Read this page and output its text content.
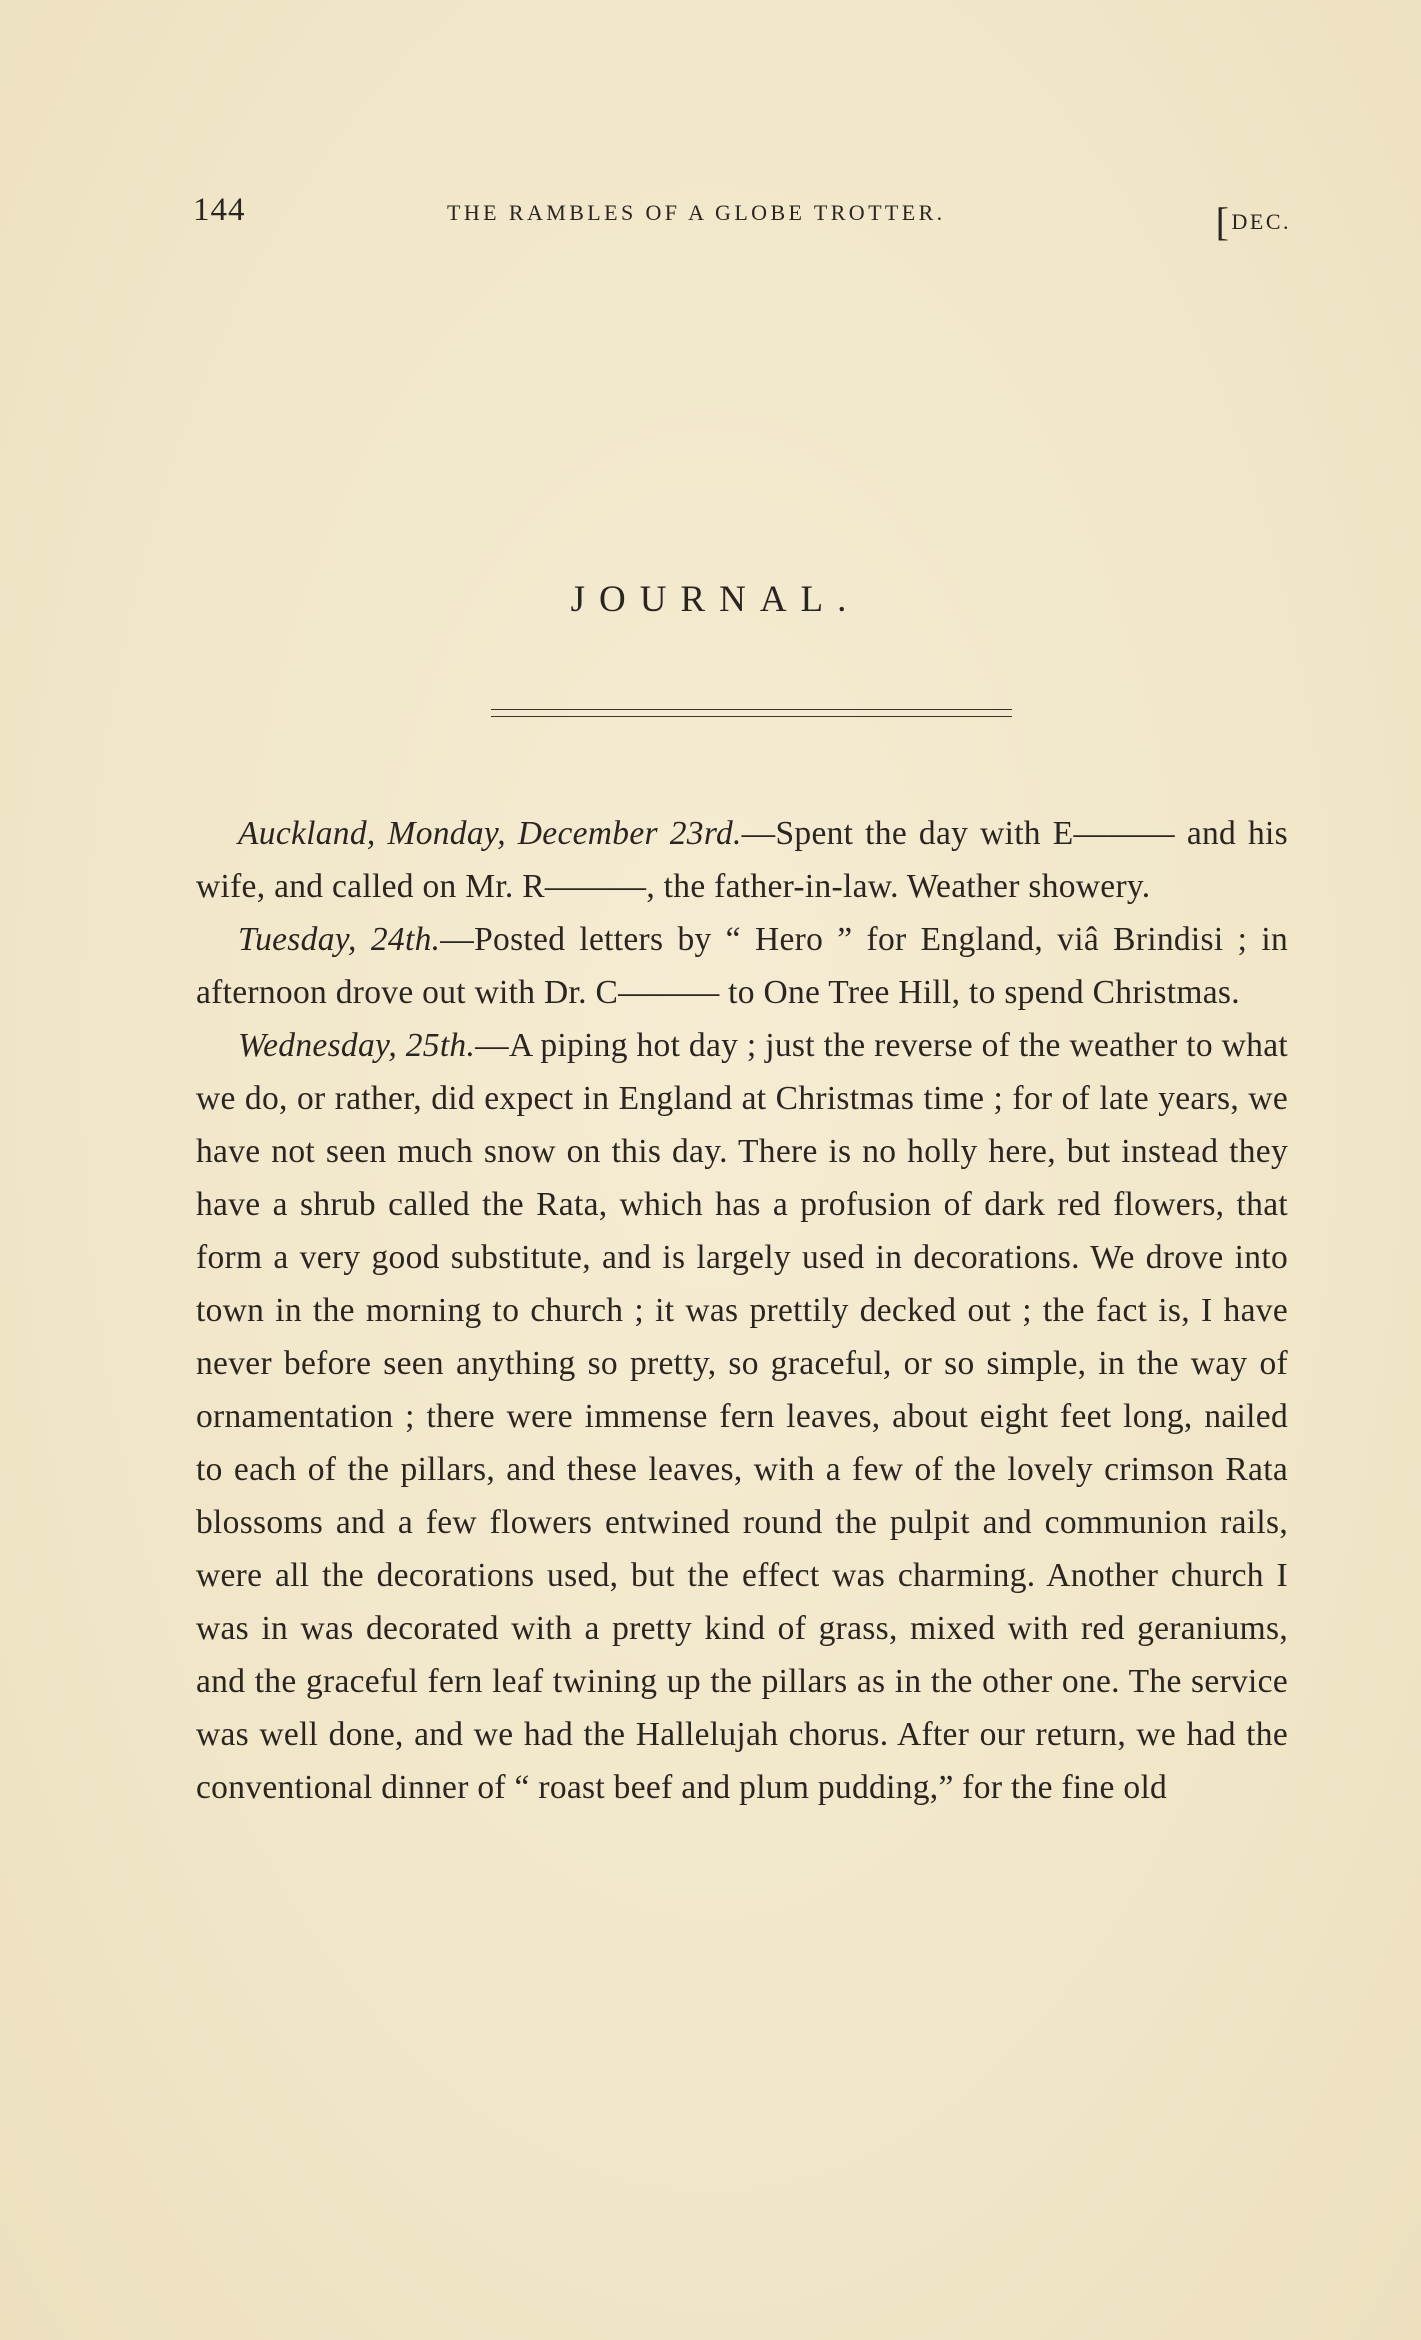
144	THE RAMBLES OF A GLOBE TROTTER.	[DEC.
JOURNAL.

Auckland, Monday, December 23rd.—Spent the day with E——— and his wife, and called on Mr. R———, the father-in-law. Weather showery.

Tuesday, 24th.—Posted letters by “ Hero ” for England, viâ Brindisi ; in afternoon drove out with Dr. C——— to One Tree Hill, to spend Christmas.

Wednesday, 25th.—A piping hot day ; just the reverse of the weather to what we do, or rather, did expect in England at Christmas time ; for of late years, we have not seen much snow on this day. There is no holly here, but instead they have a shrub called the Rata, which has a profusion of dark red flowers, that form a very good substitute, and is largely used in decorations. We drove into town in the morning to church ; it was prettily decked out ; the fact is, I have never before seen anything so pretty, so graceful, or so simple, in the way of ornamentation ; there were immense fern leaves, about eight feet long, nailed to each of the pillars, and these leaves, with a few of the lovely crimson Rata blossoms and a few flowers entwined round the pulpit and communion rails, were all the decorations used, but the effect was charming. Another church I was in was decorated with a pretty kind of grass, mixed with red geraniums, and the graceful fern leaf twining up the pillars as in the other one. The service was well done, and we had the Hallelujah chorus. After our return, we had the conventional dinner of “ roast beef and plum pudding,” for the fine old
